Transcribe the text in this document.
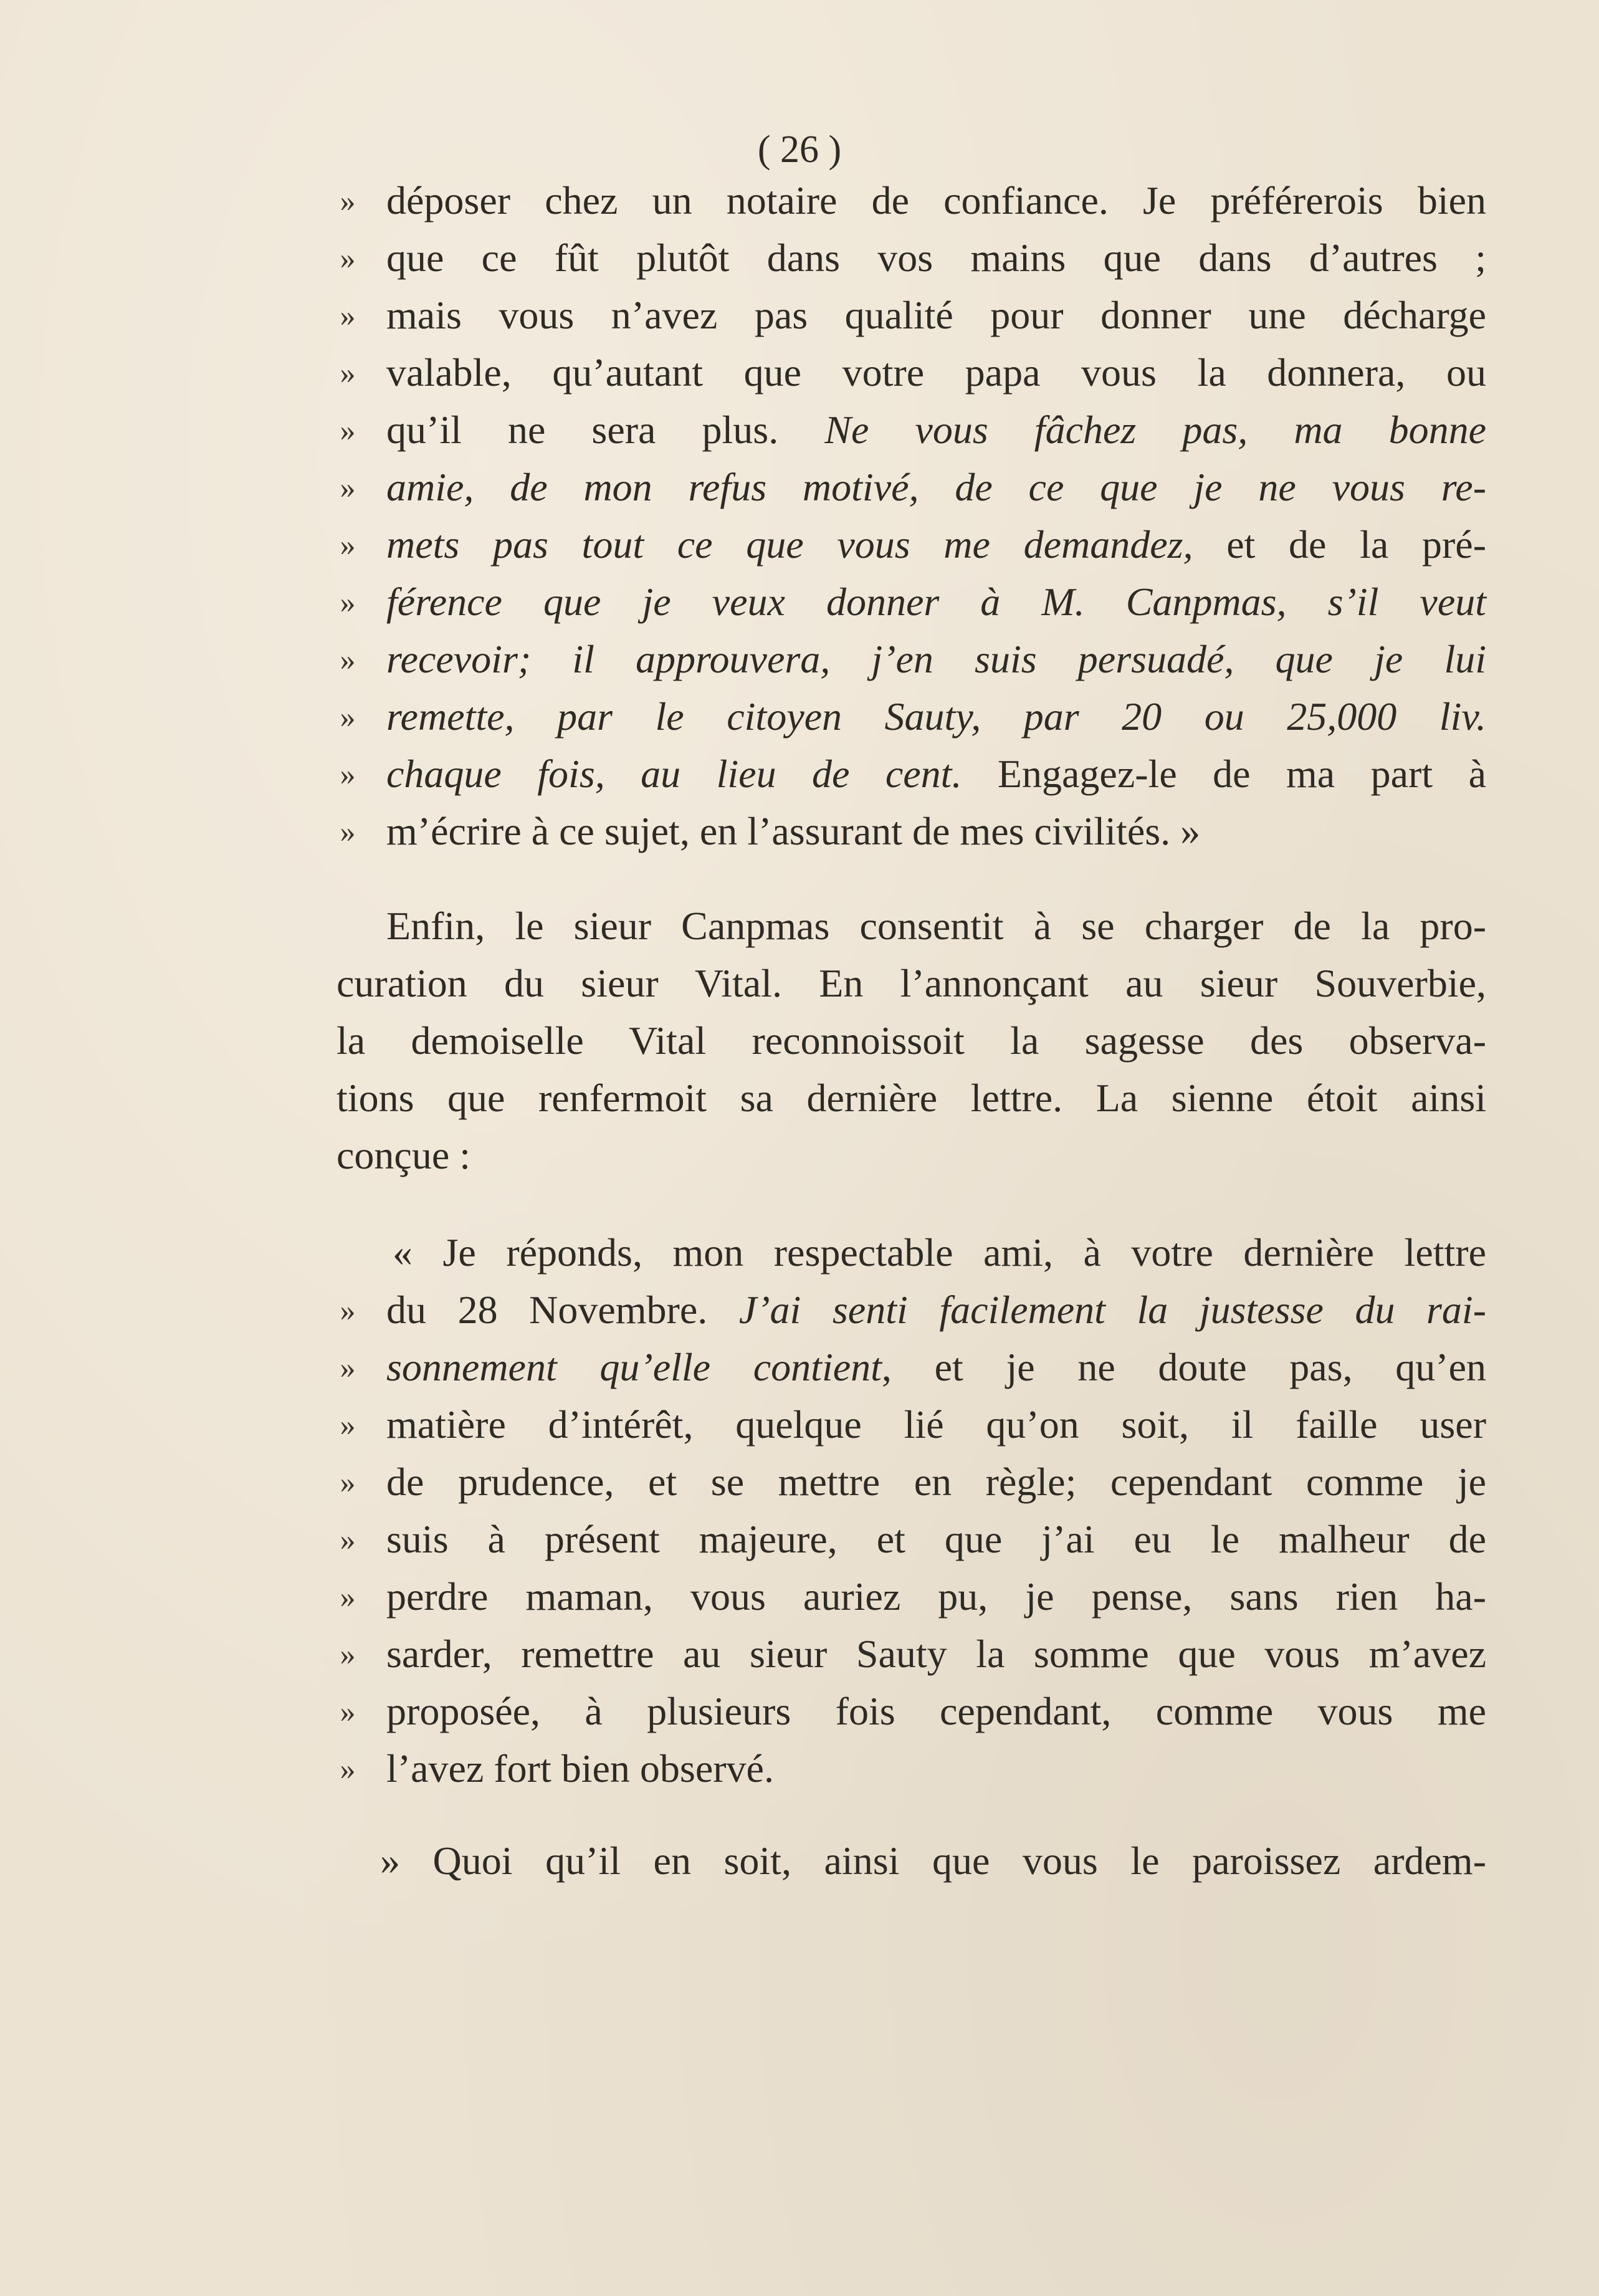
( 26 )
»
»
»
»
»
»
»
»
»
»
»
»
déposer chez un notaire de confiance. Je préférerois bien
que ce fût plutôt dans vos mains que dans d’autres ;
mais vous n’avez pas qualité pour donner une décharge
valable, qu’autant que votre papa vous la donnera, ou
qu’il ne sera plus. Ne vous fâchez pas, ma bonne
amie, de mon refus motivé, de ce que je ne vous re-
mets pas tout ce que vous me demandez, et de la pré-
férence que je veux donner à M. Canpmas, s’il veut
recevoir; il approuvera, j’en suis persuadé, que je lui
remette, par le citoyen Sauty, par 20 ou 25,000 liv.
chaque fois, au lieu de cent. Engagez-le de ma part à
m’écrire à ce sujet, en l’assurant de mes civilités. »
Enfin, le sieur Canpmas consentit à se charger de la pro-
curation du sieur Vital. En l’annonçant au sieur Souverbie,
la demoiselle Vital reconnoissoit la sagesse des observa-
tions que renfermoit sa dernière lettre. La sienne étoit ainsi
conçue :
»
»
»
»
»
»
»
»
»
« Je réponds, mon respectable ami, à votre dernière lettre
du 28 Novembre. J’ai senti facilement la justesse du rai-
sonnement qu’elle contient, et je ne doute pas, qu’en
matière d’intérêt, quelque lié qu’on soit, il faille user
de prudence, et se mettre en règle; cependant comme je
suis à présent majeure, et que j’ai eu le malheur de
perdre maman, vous auriez pu, je pense, sans rien ha-
sarder, remettre au sieur Sauty la somme que vous m’avez
proposée, à plusieurs fois cependant, comme vous me
l’avez fort bien observé.
» Quoi qu’il en soit, ainsi que vous le paroissez ardem-
